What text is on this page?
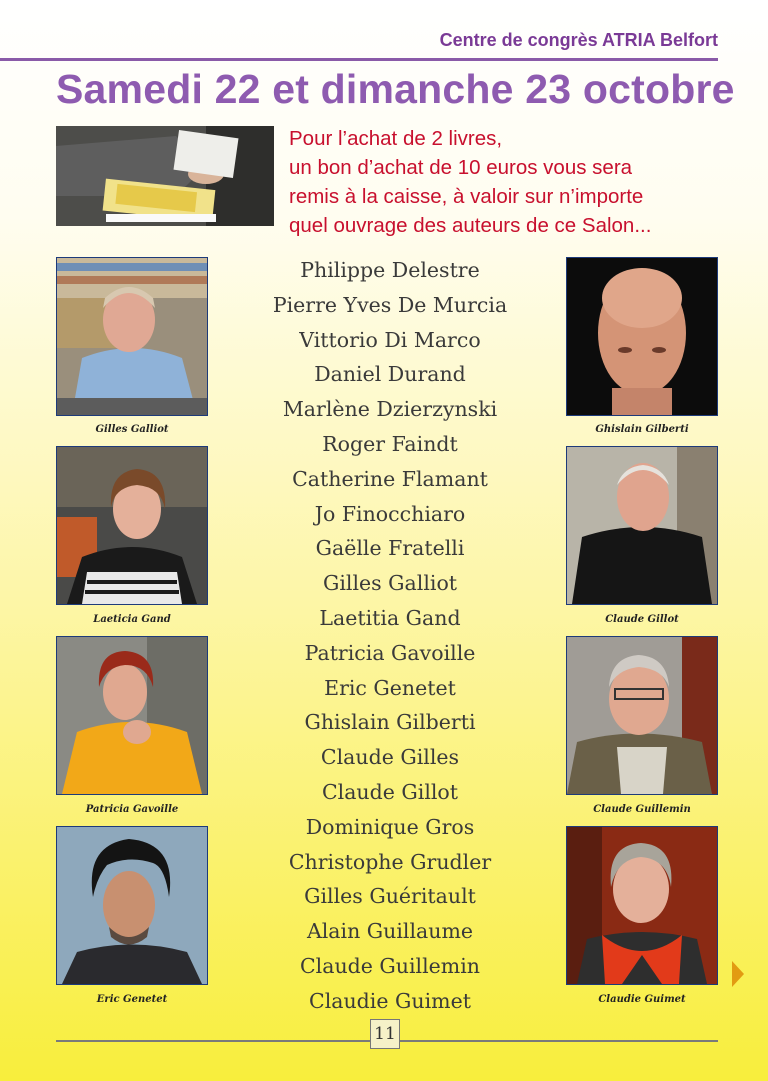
Centre de congrès ATRIA Belfort
Samedi 22 et dimanche 23 octobre
Pour l’achat de 2 livres,
un bon d’achat de 10 euros vous sera
remis à la caisse, à valoir sur n’importe
quel ouvrage des auteurs de ce Salon...
Gilles Galliot
Laeticia Gand
Patricia Gavoille
Eric Genetet
Philippe Delestre
Pierre Yves De Murcia
Vittorio Di Marco
Daniel Durand
Marlène Dzierzynski
Roger Faindt
Catherine Flamant
Jo Finocchiaro
Gaëlle Fratelli
Gilles Galliot
Laetitia Gand
Patricia Gavoille
Eric Genetet
Ghislain Gilberti
Claude Gilles
Claude Gillot
Dominique Gros
Christophe Grudler
Gilles Guéritault
Alain Guillaume
Claude Guillemin
Claudie Guimet
Ghislain Gilberti
Claude Gillot
Claude Guillemin
Claudie Guimet
11
